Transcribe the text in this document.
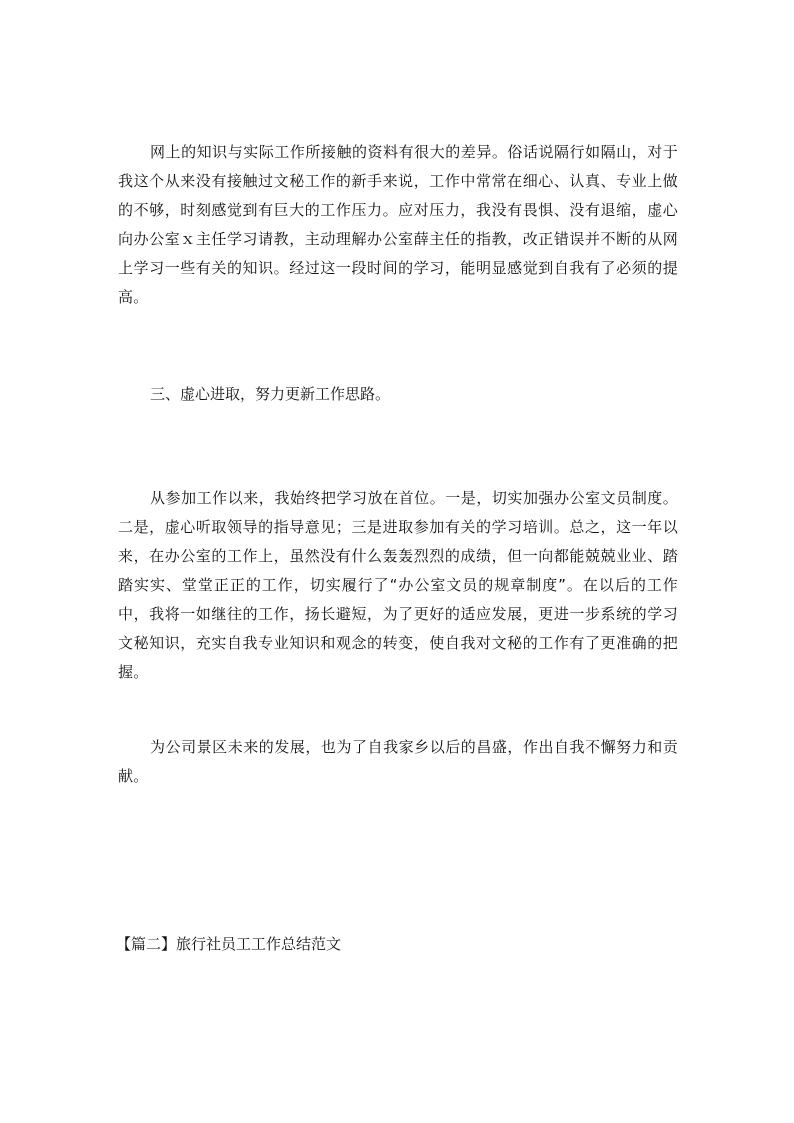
网上的知识与实际工作所接触的资料有很大的差异。俗话说隔行如隔山，对于我这个从来没有接触过文秘工作的新手来说，工作中常常在细心、认真、专业上做的不够，时刻感觉到有巨大的工作压力。应对压力，我没有畏惧、没有退缩，虚心向办公室ｘ主任学习请教，主动理解办公室薛主任的指教，改正错误并不断的从网上学习一些有关的知识。经过这一段时间的学习，能明显感觉到自我有了必须的提高。

三、虚心进取，努力更新工作思路。

从参加工作以来，我始终把学习放在首位。一是，切实加强办公室文员制度。二是，虚心听取领导的指导意见；三是进取参加有关的学习培训。总之，这一年以来，在办公室的工作上，虽然没有什么轰轰烈烈的成绩，但一向都能兢兢业业、踏踏实实、堂堂正正的工作，切实履行了“办公室文员的规章制度”。在以后的工作中，我将一如继往的工作，扬长避短，为了更好的适应发展，更进一步系统的学习文秘知识，充实自我专业知识和观念的转变，使自我对文秘的工作有了更准确的把握。

为公司景区未来的发展，也为了自我家乡以后的昌盛，作出自我不懈努力和贡献。

【篇二】旅行社员工工作总结范文
